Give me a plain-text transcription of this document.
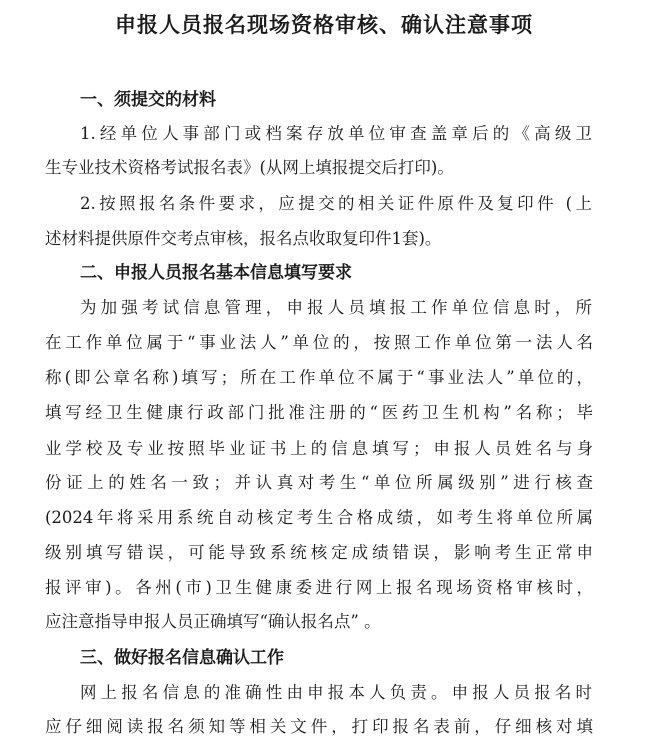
申报人员报名现场资格审核、确认注意事项
一、须提交的材料
1.经单位人事部门或档案存放单位审查盖章后的《高级卫
生专业技术资格考试报名表》(从网上填报提交后打印)。
2.按照报名条件要求，应提交的相关证件原件及复印件 (上
述材料提供原件交考点审核，报名点收取复印件1套)。
二、申报人员报名基本信息填写要求
为加强考试信息管理，申报人员填报工作单位信息时，所
在工作单位属于“事业法人”单位的，按照工作单位第一法人名
称(即公章名称)填写；所在工作单位不属于“事业法人”单位的，
填写经卫生健康行政部门批准注册的“医药卫生机构”名称；毕
业学校及专业按照毕业证书上的信息填写；申报人员姓名与身
份证上的姓名一致；并认真对考生“单位所属级别”进行核查
(2024年将采用系统自动核定考生合格成绩，如考生将单位所属
级别填写错误，可能导致系统核定成绩错误，影响考生正常申
报评审)。各州(市)卫生健康委进行网上报名现场资格审核时，
应注意指导申报人员正确填写“确认报名点” 。
三、做好报名信息确认工作
网上报名信息的准确性由申报本人负责。申报人员报名时
应仔细阅读报名须知等相关文件，打印报名表前，仔细核对填
